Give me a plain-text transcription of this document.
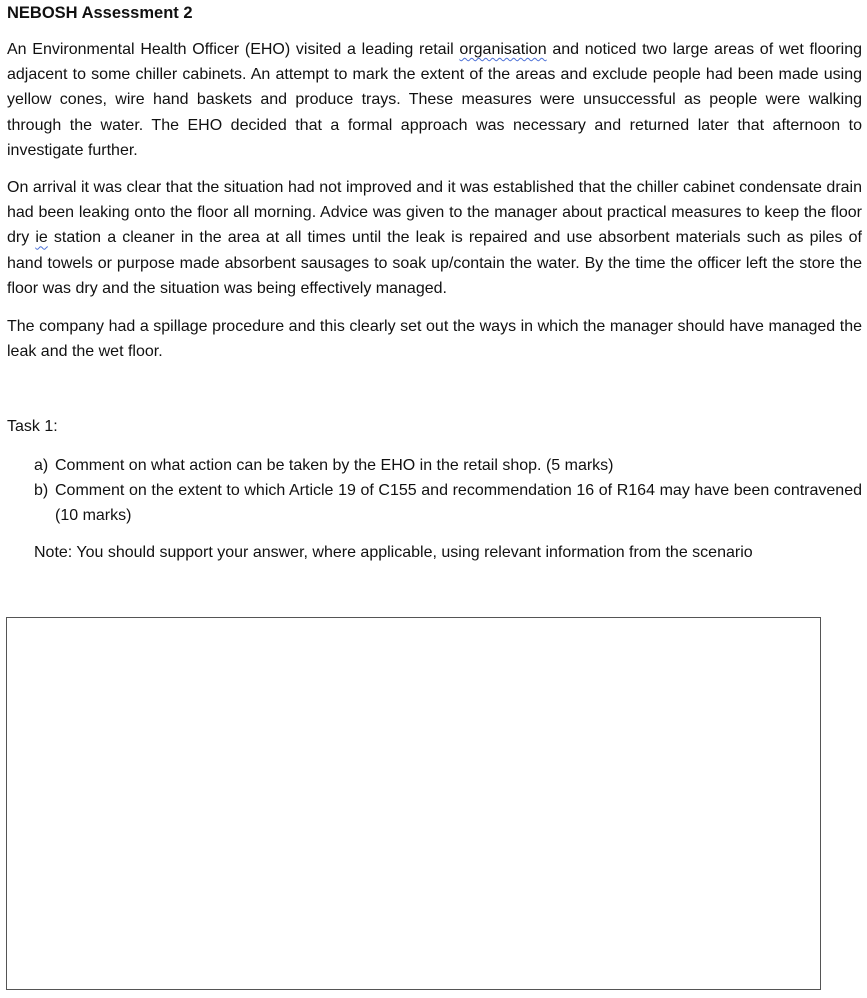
NEBOSH Assessment 2

An Environmental Health Officer (EHO) visited a leading retail organisation and noticed two large areas of wet flooring adjacent to some chiller cabinets. An attempt to mark the extent of the areas and exclude people had been made using yellow cones, wire hand baskets and produce trays. These measures were unsuccessful as people were walking through the water. The EHO decided that a formal approach was necessary and returned later that afternoon to investigate further.

On arrival it was clear that the situation had not improved and it was established that the chiller cabinet condensate drain had been leaking onto the floor all morning. Advice was given to the manager about practical measures to keep the floor dry ie station a cleaner in the area at all times until the leak is repaired and use absorbent materials such as piles of hand towels or purpose made absorbent sausages to soak up/contain the water. By the time the officer left the store the floor was dry and the situation was being effectively managed.

The company had a spillage procedure and this clearly set out the ways in which the manager should have managed the leak and the wet floor.

Task 1:
a) Comment on what action can be taken by the EHO in the retail shop. (5 marks)
b) Comment on the extent to which Article 19 of C155 and recommendation 16 of R164 may have been contravened (10 marks)
Note: You should support your answer, where applicable, using relevant information from the scenario
